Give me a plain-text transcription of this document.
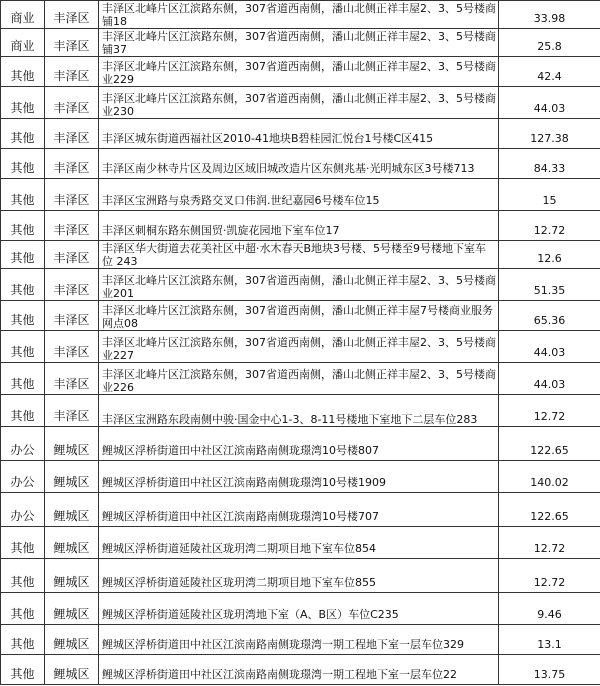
商业	丰泽区	丰泽区北峰片区江滨路东侧，307省道西南侧，潘山北侧正祥丰屋2、3、5号楼商铺18	33.98
商业	丰泽区	丰泽区北峰片区江滨路东侧，307省道西南侧，潘山北侧正祥丰屋2、3、5号楼商铺37	25.8
其他	丰泽区	丰泽区北峰片区江滨路东侧，307省道西南侧，潘山北侧正祥丰屋2、3、5号楼商业229	42.4
其他	丰泽区	丰泽区北峰片区江滨路东侧，307省道西南侧，潘山北侧正祥丰屋2、3、5号楼商业230	44.03
其他	丰泽区	丰泽区城东街道西福社区2010-41地块B碧桂园汇悦台1号楼C区415	127.38
其他	丰泽区	丰泽区南少林寺片区及周边区域旧城改造片区东侧兆基·光明城东区3号楼713	84.33
其他	丰泽区	丰泽区宝洲路与泉秀路交叉口伟润.世纪嘉园6号楼车位15	15
其他	丰泽区	丰泽区刺桐东路东侧国贸·凯旋花园地下室车位17	12.72
其他	丰泽区	丰泽区华大街道去花美社区中超·水木春天B地块3号楼、5号楼至9号楼地下室车位 243	12.6
其他	丰泽区	丰泽区北峰片区江滨路东侧，307省道西南侧，潘山北侧正祥丰屋2、3、5号楼商业201	51.35
其他	丰泽区	丰泽区北峰片区江滨路东侧，307省道西南侧，潘山北侧正祥丰屋7号楼商业服务网点08	65.36
其他	丰泽区	丰泽区北峰片区江滨路东侧，307省道西南侧，潘山北侧正祥丰屋2、3、5号楼商业227	44.03
其他	丰泽区	丰泽区北峰片区江滨路东侧，307省道西南侧，潘山北侧正祥丰屋2、3、5号楼商业226	44.03
其他	丰泽区	丰泽区宝洲路东段南侧中骏·国金中心1-3、8-11号楼地下室地下二层车位283	12.72
办公	鲤城区	鲤城区浮桥街道田中社区江滨南路南侧珑璟湾10号楼807	122.65
办公	鲤城区	鲤城区浮桥街道田中社区江滨南路南侧珑璟湾10号楼1909	140.02
办公	鲤城区	鲤城区浮桥街道田中社区江滨南路南侧珑璟湾10号楼707	122.65
其他	鲤城区	鲤城区浮桥街道延陵社区珑玥湾二期项目地下室车位854	12.72
其他	鲤城区	鲤城区浮桥街道延陵社区珑玥湾二期项目地下室车位855	12.72
其他	鲤城区	鲤城区浮桥街道延陵社区珑玥湾地下室（A、B区）车位C235	9.46
其他	鲤城区	鲤城区浮桥街道田中社区江滨南路南侧珑璟湾一期工程地下室一层车位329	13.1
其他	鲤城区	鲤城区浮桥街道田中社区江滨南路南侧珑璟湾一期工程地下室一层车位22	13.75
